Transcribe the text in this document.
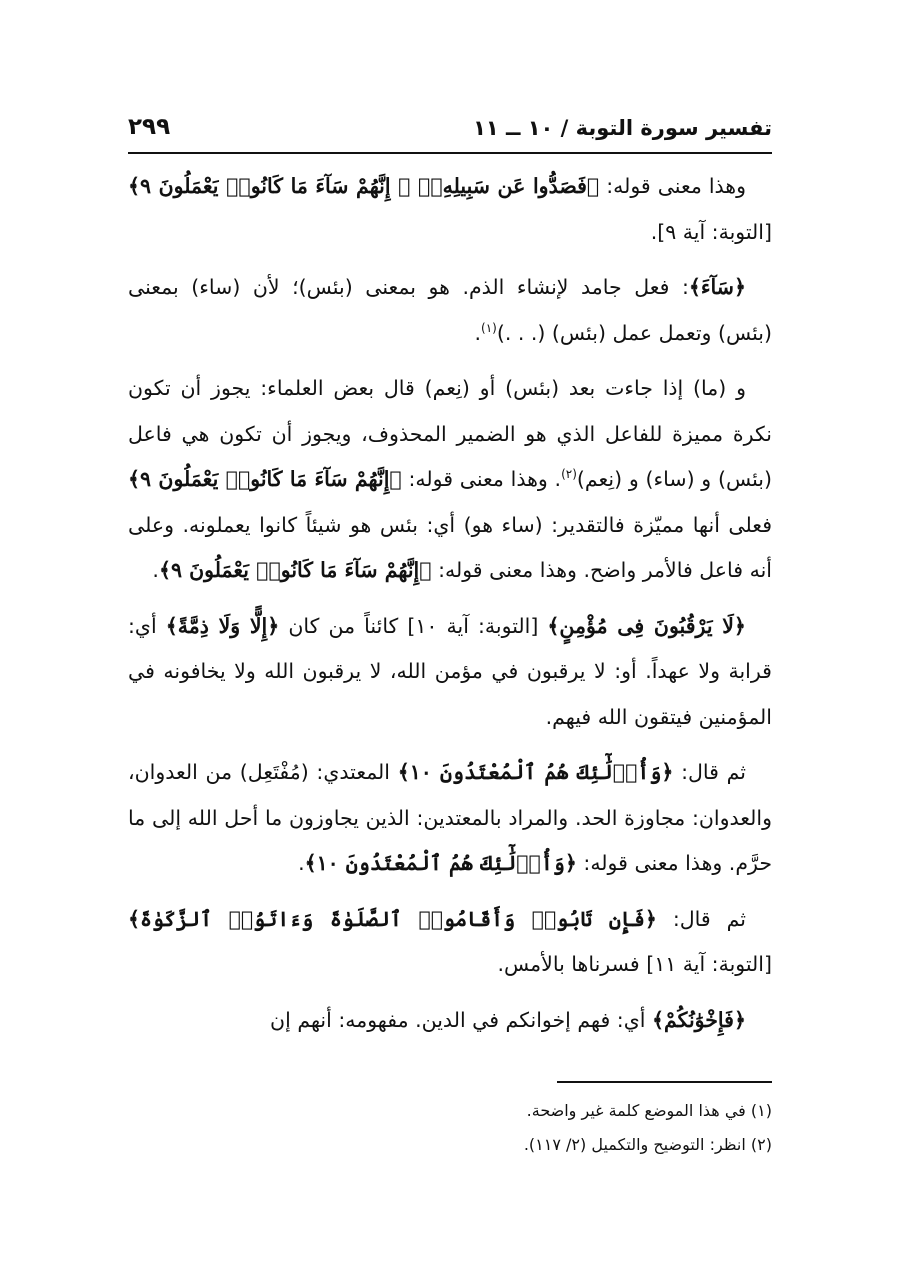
تفسير سورة التوبة / ١٠ ــ ١١
٢٩٩

وهذا معنى قوله: ﴿فَصَدُّوا عَن سَبِيلِهِۦٓ ۚ إِنَّهُمْ سَآءَ مَا كَانُوا۟ يَعْمَلُونَ ٩﴾ [التوبة: آية ٩].

﴿سَآءَ﴾: فعل جامد لإنشاء الذم. هو بمعنى (بئس)؛ لأن (ساء) بمعنى (بئس) وتعمل عمل (بئس) (. . .)$^{(١)}$.

و (ما) إذا جاءت بعد (بئس) أو (نِعم) قال بعض العلماء: يجوز أن تكون نكرة مميزة للفاعل الذي هو الضمير المحذوف، ويجوز أن تكون هي فاعل (بئس) و (ساء) و (نِعم)$^{(٢)}$. وهذا معنى قوله: ﴿إِنَّهُمْ سَآءَ مَا كَانُوا۟ يَعْمَلُونَ ٩﴾ فعلى أنها مميّزة فالتقدير: (ساء هو) أي: بئس هو شيئاً كانوا يعملونه. وعلى أنه فاعل فالأمر واضح. وهذا معنى قوله: ﴿إِنَّهُمْ سَآءَ مَا كَانُوا۟ يَعْمَلُونَ ٩﴾.

﴿لَا يَرْقُبُونَ فِى مُؤْمِنٍ﴾ [التوبة: آية ١٠] كائناً من كان ﴿إِلًّا وَلَا ذِمَّةً﴾ أي: قرابة ولا عهداً. أو: لا يرقبون في مؤمن الله، لا يرقبون الله ولا يخافونه في المؤمنين فيتقون الله فيهم.

ثم قال: ﴿وَأُو۟لَٰٓئِكَ هُمُ ٱلْمُعْتَدُونَ ١٠﴾ المعتدي: (مُفْتَعِل) من العدوان، والعدوان: مجاوزة الحد. والمراد بالمعتدين: الذين يجاوزون ما أحل الله إلى ما حرَّم. وهذا معنى قوله: ﴿وَأُو۟لَٰٓئِكَ هُمُ ٱلْمُعْتَدُونَ ١٠﴾.

ثم قال: ﴿فَإِن تَابُوا۟ وَأَقَامُوا۟ ٱلصَّلَوٰةَ وَءَاتَوُا۟ ٱلزَّكَوٰةَ﴾ [التوبة: آية ١١] فسرناها بالأمس.

﴿فَإِخْوَٰنُكُمْ﴾ أي: فهم إخوانكم في الدين. مفهومه: أنهم إن

(١) في هذا الموضع كلمة غير واضحة.

(٢) انظر: التوضيح والتكميل (٢/ ١١٧).
